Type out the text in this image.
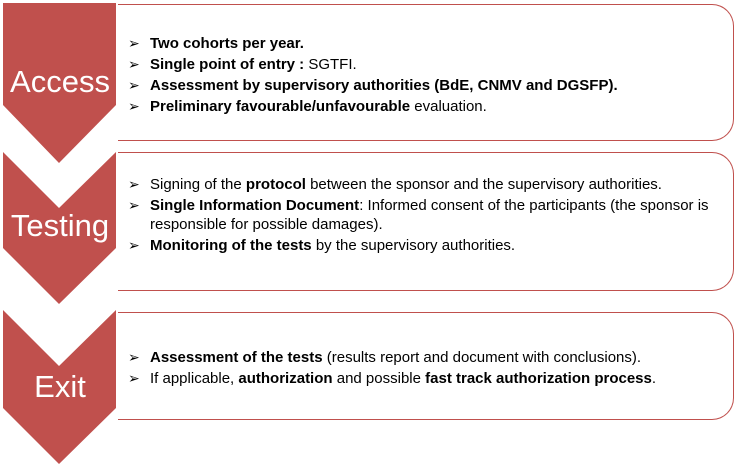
Access
➢ Two cohorts per year.
➢ Single point of entry : SGTFI.
➢ Assessment by supervisory authorities (BdE, CNMV and DGSFP).
➢ Preliminary favourable/unfavourable evaluation.
Testing
➢ Signing of the protocol between the sponsor and the supervisory authorities.
➢ Single Information Document: Informed consent of the participants (the sponsor is responsible for possible damages).
➢ Monitoring of the tests by the supervisory authorities.
Exit
➢ Assessment of the tests (results report and document with conclusions).
➢ If applicable, authorization and possible fast track authorization process.
